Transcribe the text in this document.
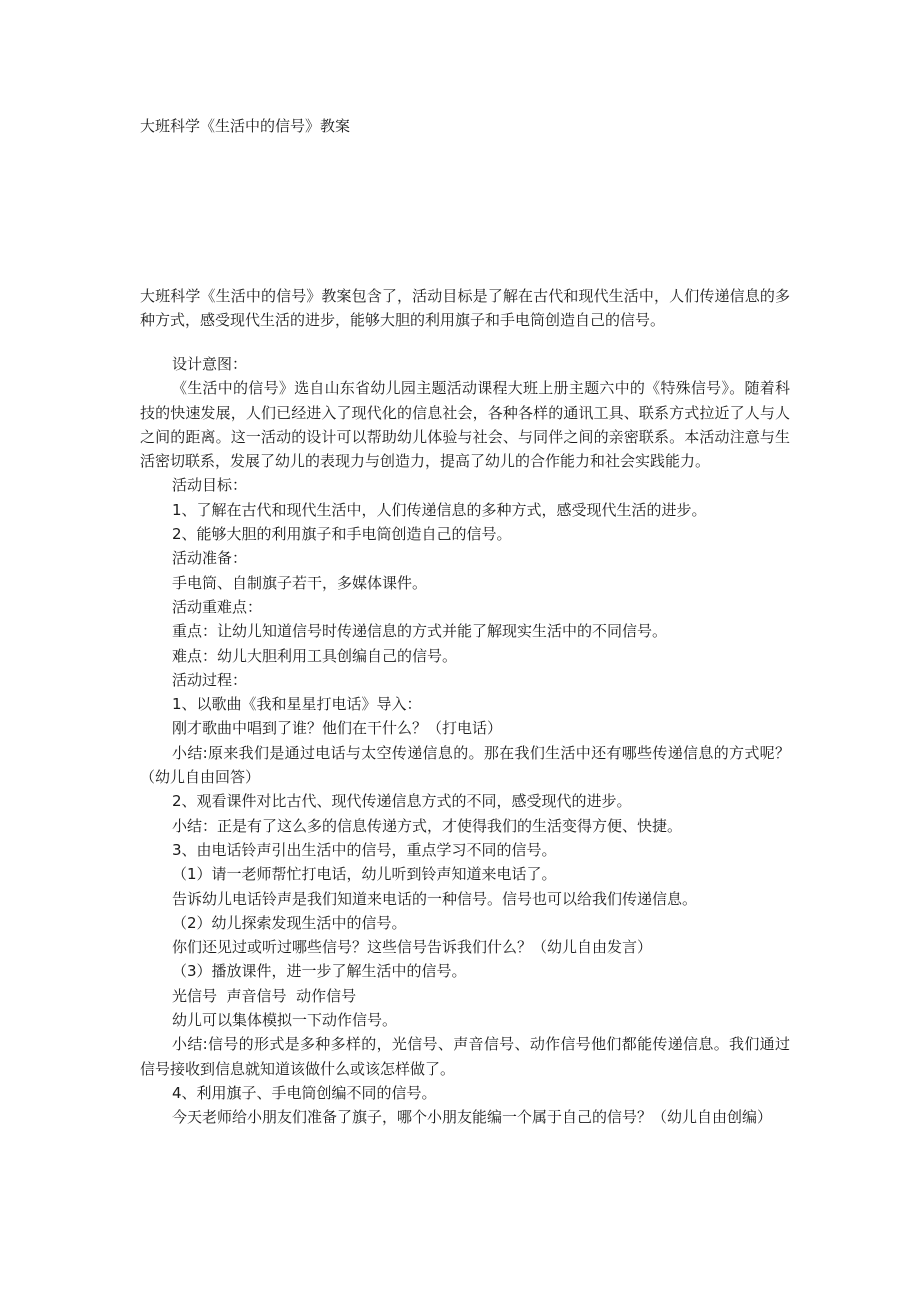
大班科学《生活中的信号》教案
大班科学《生活中的信号》教案包含了，活动目标是了解在古代和现代生活中，人们传递信息的多种方式，感受现代生活的进步，能够大胆的利用旗子和手电筒创造自己的信号。

设计意图：

《生活中的信号》选自山东省幼儿园主题活动课程大班上册主题六中的《特殊信号》。随着科技的快速发展，人们已经进入了现代化的信息社会，各种各样的通讯工具、联系方式拉近了人与人之间的距离。这一活动的设计可以帮助幼儿体验与社会、与同伴之间的亲密联系。本活动注意与生活密切联系，发展了幼儿的表现力与创造力，提高了幼儿的合作能力和社会实践能力。

活动目标：

1、了解在古代和现代生活中，人们传递信息的多种方式，感受现代生活的进步。

2、能够大胆的利用旗子和手电筒创造自己的信号。

活动准备：

手电筒、自制旗子若干，多媒体课件。

活动重难点：

重点：让幼儿知道信号时传递信息的方式并能了解现实生活中的不同信号。

难点：幼儿大胆利用工具创编自己的信号。

活动过程：

1、以歌曲《我和星星打电话》导入：

刚才歌曲中唱到了谁？他们在干什么？（打电话）

小结:原来我们是通过电话与太空传递信息的。那在我们生活中还有哪些传递信息的方式呢？（幼儿自由回答）

2、观看课件对比古代、现代传递信息方式的不同，感受现代的进步。

小结：正是有了这么多的信息传递方式，才使得我们的生活变得方便、快捷。

3、由电话铃声引出生活中的信号，重点学习不同的信号。

（1）请一老师帮忙打电话，幼儿听到铃声知道来电话了。

告诉幼儿电话铃声是我们知道来电话的一种信号。信号也可以给我们传递信息。

（2）幼儿探索发现生活中的信号。

你们还见过或听过哪些信号？这些信号告诉我们什么？（幼儿自由发言）

（3）播放课件，进一步了解生活中的信号。

光信号  声音信号  动作信号

幼儿可以集体模拟一下动作信号。

小结:信号的形式是多种多样的，光信号、声音信号、动作信号他们都能传递信息。我们通过信号接收到信息就知道该做什么或该怎样做了。

4、利用旗子、手电筒创编不同的信号。

今天老师给小朋友们准备了旗子，哪个小朋友能编一个属于自己的信号？（幼儿自由创编）
